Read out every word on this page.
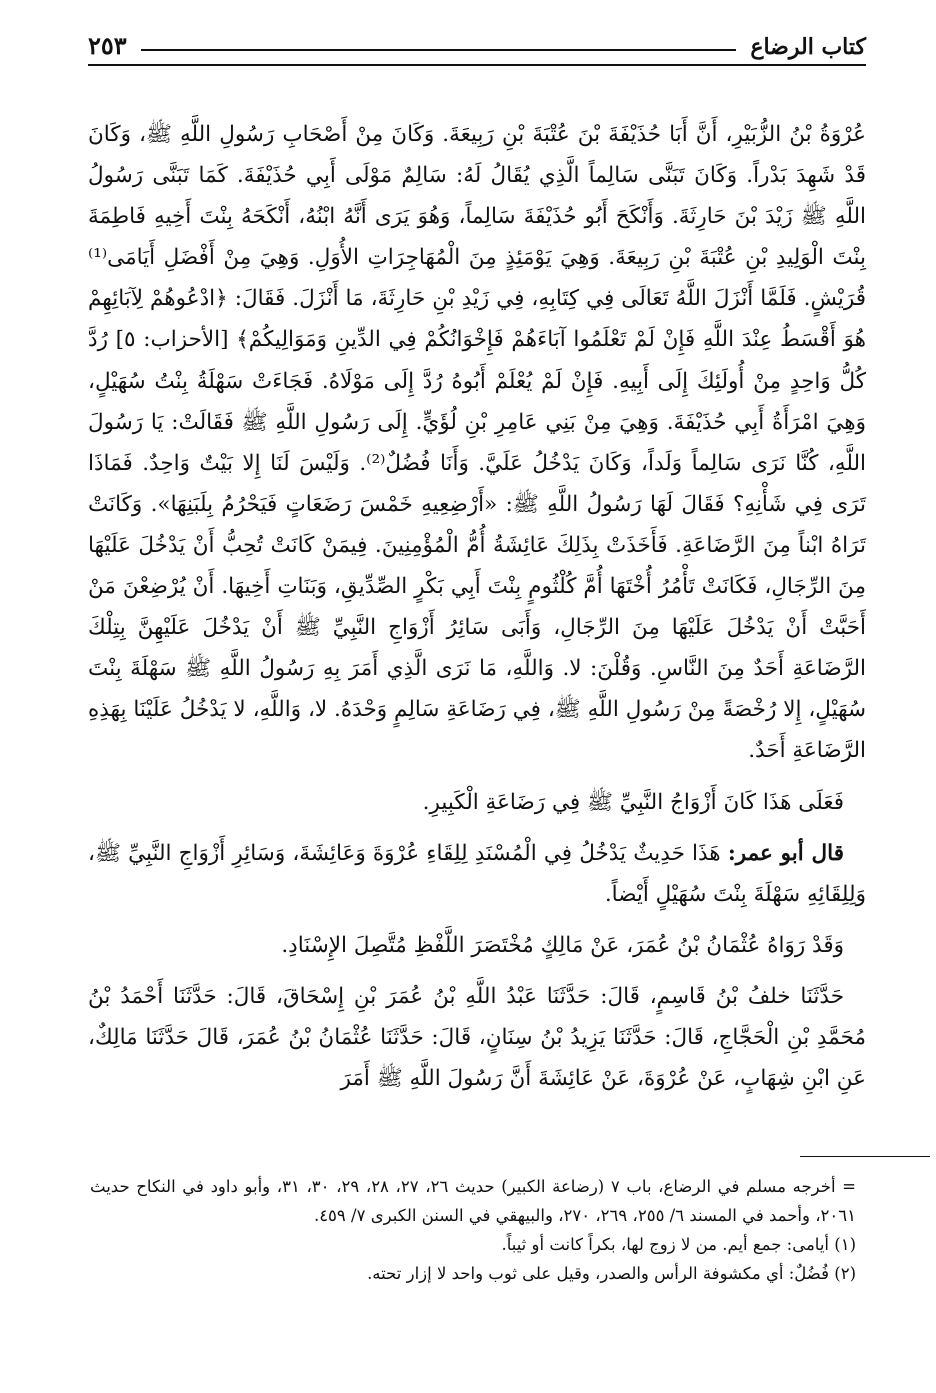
كتاب الرضاع
٢٥٣

عُرْوَةُ بْنُ الزُّبَيْرِ، أَنَّ أَبَا حُذَيْفَةَ بْنَ عُتْبَةَ بْنِ رَبِيعَةَ. وَكَانَ مِنْ أَصْحَابِ رَسُولِ اللَّهِ ﷺ، وَكَانَ قَدْ شَهِدَ بَدْراً. وَكَانَ تَبَنَّى سَالِماً الَّذِي يُقَالُ لَهُ: سَالِمٌ مَوْلَى أَبِي حُذَيْفَةَ. كَمَا تَبَنَّى رَسُولُ اللَّهِ ﷺ زَيْدَ بْنَ حَارِثَةَ. وَأَنْكَحَ أَبُو حُذَيْفَةَ سَالِماً، وَهُوَ يَرَى أَنَّهُ ابْنُهُ، أَنْكَحَهُ بِنْتَ أَخِيهِ فَاطِمَةَ بِنْتَ الْوَلِيدِ بْنِ عُتْبَةَ بْنِ رَبِيعَةَ. وَهِيَ يَوْمَئِذٍ مِنَ الْمُهَاجِرَاتِ الأُوَلِ. وَهِيَ مِنْ أَفْضَلِ أَيَامَى⁽¹⁾ قُرَيْشٍ. فَلَمَّا أَنْزَلَ اللَّهُ تَعَالَى فِي كِتَابِهِ، فِي زَيْدِ بْنِ حَارِثَةَ، مَا أَنْزَلَ. فَقَالَ: ﴿ادْعُوهُمْ لِآبَائِهِمْ هُوَ أَقْسَطُ عِنْدَ اللَّهِ فَإِنْ لَمْ تَعْلَمُوا آبَاءَهُمْ فَإِخْوَانُكُمْ فِي الدِّينِ وَمَوَالِيكُمْ﴾ [الأحزاب: ٥] رُدَّ كُلُّ وَاحِدٍ مِنْ أُولَئِكَ إِلَى أَبِيهِ. فَإِنْ لَمْ يُعْلَمْ أَبُوهُ رُدَّ إِلَى مَوْلَاهُ. فَجَاءَتْ سَهْلَةُ بِنْتُ سُهَيْلٍ، وَهِيَ امْرَأَةُ أَبِي حُذَيْفَةَ. وَهِيَ مِنْ بَنِي عَامِرِ بْنِ لُؤَيٍّ. إِلَى رَسُولِ اللَّهِ ﷺ فَقَالَتْ: يَا رَسُولَ اللَّهِ، كُنَّا نَرَى سَالِماً وَلَداً، وَكَانَ يَدْخُلُ عَلَيَّ. وَأَنَا فُضُلٌ⁽²⁾. وَلَيْسَ لَنَا إِلا بَيْتٌ وَاحِدٌ. فَمَاذَا تَرَى فِي شَأْنِهِ؟ فَقَالَ لَهَا رَسُولُ اللَّهِ ﷺ: «أَرْضِعِيهِ خَمْسَ رَضَعَاتٍ فَيَحْرُمُ بِلَبَنِهَا». وَكَانَتْ تَرَاهُ ابْناً مِنَ الرَّضَاعَةِ. فَأَخَذَتْ بِذَلِكَ عَائِشَةُ أُمُّ الْمُؤْمِنِينَ. فِيمَنْ كَانَتْ تُحِبُّ أَنْ يَدْخُلَ عَلَيْهَا مِنَ الرِّجَالِ، فَكَانَتْ تَأْمُرُ أُخْتَهَا أُمَّ كُلْثُومٍ بِنْتَ أَبِي بَكْرٍ الصِّدِّيقِ، وَبَنَاتِ أَخِيهَا. أَنْ يُرْضِعْنَ مَنْ أَحَبَّتْ أَنْ يَدْخُلَ عَلَيْهَا مِنَ الرِّجَالِ، وَأَبَى سَائِرُ أَزْوَاجِ النَّبِيِّ ﷺ أَنْ يَدْخُلَ عَلَيْهِنَّ بِتِلْكَ الرَّضَاعَةِ أَحَدٌ مِنَ النَّاسِ. وَقُلْنَ: لا. وَاللَّهِ، مَا نَرَى الَّذِي أَمَرَ بِهِ رَسُولُ اللَّهِ ﷺ سَهْلَةَ بِنْتَ سُهَيْلٍ، إِلا رُخْصَةً مِنْ رَسُولِ اللَّهِ ﷺ، فِي رَضَاعَةِ سَالِمٍ وَحْدَهُ. لا، وَاللَّهِ، لا يَدْخُلُ عَلَيْنَا بِهَذِهِ الرَّضَاعَةِ أَحَدٌ.

فَعَلَى هَذَا كَانَ أَزْوَاجُ النَّبِيِّ ﷺ فِي رَضَاعَةِ الْكَبِيرِ.

قال أبو عمر: هَذَا حَدِيثٌ يَدْخُلُ فِي الْمُسْنَدِ لِلِقَاءِ عُرْوَةَ وَعَائِشَةَ، وَسَائِرِ أَزْوَاجِ النَّبِيِّ ﷺ، وَلِلِقَائِهِ سَهْلَةَ بِنْتَ سُهَيْلٍ أَيْضاً.

وَقَدْ رَوَاهُ عُثْمَانُ بْنُ عُمَرَ، عَنْ مَالِكٍ مُخْتَصَرَ اللَّفْظِ مُتَّصِلَ الإِسْنَادِ.

حَدَّثَنَا خلفُ بْنُ قَاسِمٍ، قَالَ: حَدَّثَنَا عَبْدُ اللَّهِ بْنُ عُمَرَ بْنِ إِسْحَاقَ، قَالَ: حَدَّثَنَا أَحْمَدُ بْنُ مُحَمَّدِ بْنِ الْحَجَّاجِ، قَالَ: حَدَّثَنَا يَزِيدُ بْنُ سِنَانٍ، قَالَ: حَدَّثَنَا عُثْمَانُ بْنُ عُمَرَ، قَالَ حَدَّثَنَا مَالِكٌ، عَنِ ابْنِ شِهَابٍ، عَنْ عُرْوَةَ، عَنْ عَائِشَةَ أَنَّ رَسُولَ اللَّهِ ﷺ أَمَرَ

= أخرجه مسلم في الرضاع، باب ٧ (رضاعة الكبير) حديث ٢٦، ٢٧، ٢٨، ٢٩، ٣٠، ٣١، وأبو داود في النكاح حديث ٢٠٦١، وأحمد في المسند ٦/ ٢٥٥، ٢٦٩، ٢٧٠، والبيهقي في السنن الكبرى ٧/ ٤٥٩.

(١) أيامى: جمع أيم. من لا زوج لها، بكراً كانت أو ثيباً.

(٢) فُضُلٌ: أي مكشوفة الرأس والصدر، وقيل على ثوب واحد لا إزار تحته.
